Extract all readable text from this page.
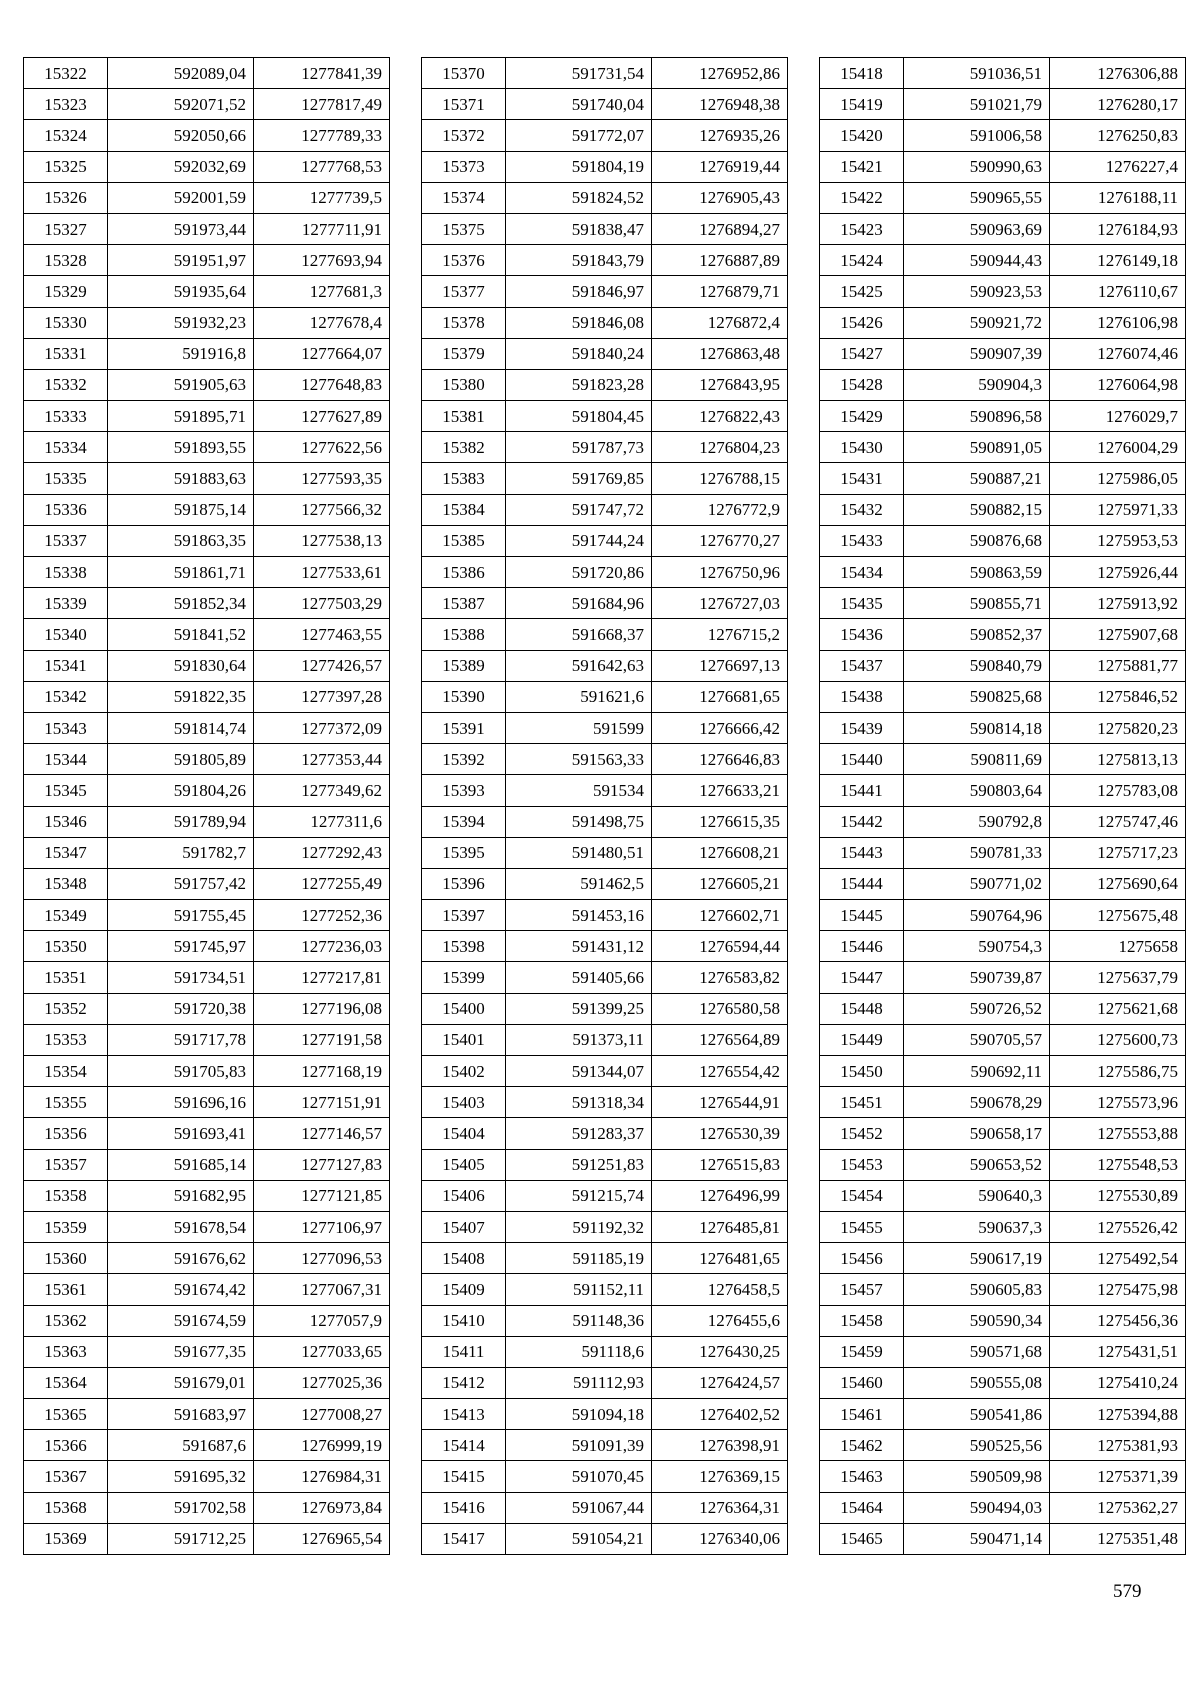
15322	592089,04	1277841,39
15323	592071,52	1277817,49
15324	592050,66	1277789,33
15325	592032,69	1277768,53
15326	592001,59	1277739,5
15327	591973,44	1277711,91
15328	591951,97	1277693,94
15329	591935,64	1277681,3
15330	591932,23	1277678,4
15331	591916,8	1277664,07
15332	591905,63	1277648,83
15333	591895,71	1277627,89
15334	591893,55	1277622,56
15335	591883,63	1277593,35
15336	591875,14	1277566,32
15337	591863,35	1277538,13
15338	591861,71	1277533,61
15339	591852,34	1277503,29
15340	591841,52	1277463,55
15341	591830,64	1277426,57
15342	591822,35	1277397,28
15343	591814,74	1277372,09
15344	591805,89	1277353,44
15345	591804,26	1277349,62
15346	591789,94	1277311,6
15347	591782,7	1277292,43
15348	591757,42	1277255,49
15349	591755,45	1277252,36
15350	591745,97	1277236,03
15351	591734,51	1277217,81
15352	591720,38	1277196,08
15353	591717,78	1277191,58
15354	591705,83	1277168,19
15355	591696,16	1277151,91
15356	591693,41	1277146,57
15357	591685,14	1277127,83
15358	591682,95	1277121,85
15359	591678,54	1277106,97
15360	591676,62	1277096,53
15361	591674,42	1277067,31
15362	591674,59	1277057,9
15363	591677,35	1277033,65
15364	591679,01	1277025,36
15365	591683,97	1277008,27
15366	591687,6	1276999,19
15367	591695,32	1276984,31
15368	591702,58	1276973,84
15369	591712,25	1276965,54
15370	591731,54	1276952,86
15371	591740,04	1276948,38
15372	591772,07	1276935,26
15373	591804,19	1276919,44
15374	591824,52	1276905,43
15375	591838,47	1276894,27
15376	591843,79	1276887,89
15377	591846,97	1276879,71
15378	591846,08	1276872,4
15379	591840,24	1276863,48
15380	591823,28	1276843,95
15381	591804,45	1276822,43
15382	591787,73	1276804,23
15383	591769,85	1276788,15
15384	591747,72	1276772,9
15385	591744,24	1276770,27
15386	591720,86	1276750,96
15387	591684,96	1276727,03
15388	591668,37	1276715,2
15389	591642,63	1276697,13
15390	591621,6	1276681,65
15391	591599	1276666,42
15392	591563,33	1276646,83
15393	591534	1276633,21
15394	591498,75	1276615,35
15395	591480,51	1276608,21
15396	591462,5	1276605,21
15397	591453,16	1276602,71
15398	591431,12	1276594,44
15399	591405,66	1276583,82
15400	591399,25	1276580,58
15401	591373,11	1276564,89
15402	591344,07	1276554,42
15403	591318,34	1276544,91
15404	591283,37	1276530,39
15405	591251,83	1276515,83
15406	591215,74	1276496,99
15407	591192,32	1276485,81
15408	591185,19	1276481,65
15409	591152,11	1276458,5
15410	591148,36	1276455,6
15411	591118,6	1276430,25
15412	591112,93	1276424,57
15413	591094,18	1276402,52
15414	591091,39	1276398,91
15415	591070,45	1276369,15
15416	591067,44	1276364,31
15417	591054,21	1276340,06
15418	591036,51	1276306,88
15419	591021,79	1276280,17
15420	591006,58	1276250,83
15421	590990,63	1276227,4
15422	590965,55	1276188,11
15423	590963,69	1276184,93
15424	590944,43	1276149,18
15425	590923,53	1276110,67
15426	590921,72	1276106,98
15427	590907,39	1276074,46
15428	590904,3	1276064,98
15429	590896,58	1276029,7
15430	590891,05	1276004,29
15431	590887,21	1275986,05
15432	590882,15	1275971,33
15433	590876,68	1275953,53
15434	590863,59	1275926,44
15435	590855,71	1275913,92
15436	590852,37	1275907,68
15437	590840,79	1275881,77
15438	590825,68	1275846,52
15439	590814,18	1275820,23
15440	590811,69	1275813,13
15441	590803,64	1275783,08
15442	590792,8	1275747,46
15443	590781,33	1275717,23
15444	590771,02	1275690,64
15445	590764,96	1275675,48
15446	590754,3	1275658
15447	590739,87	1275637,79
15448	590726,52	1275621,68
15449	590705,57	1275600,73
15450	590692,11	1275586,75
15451	590678,29	1275573,96
15452	590658,17	1275553,88
15453	590653,52	1275548,53
15454	590640,3	1275530,89
15455	590637,3	1275526,42
15456	590617,19	1275492,54
15457	590605,83	1275475,98
15458	590590,34	1275456,36
15459	590571,68	1275431,51
15460	590555,08	1275410,24
15461	590541,86	1275394,88
15462	590525,56	1275381,93
15463	590509,98	1275371,39
15464	590494,03	1275362,27
15465	590471,14	1275351,48
579
